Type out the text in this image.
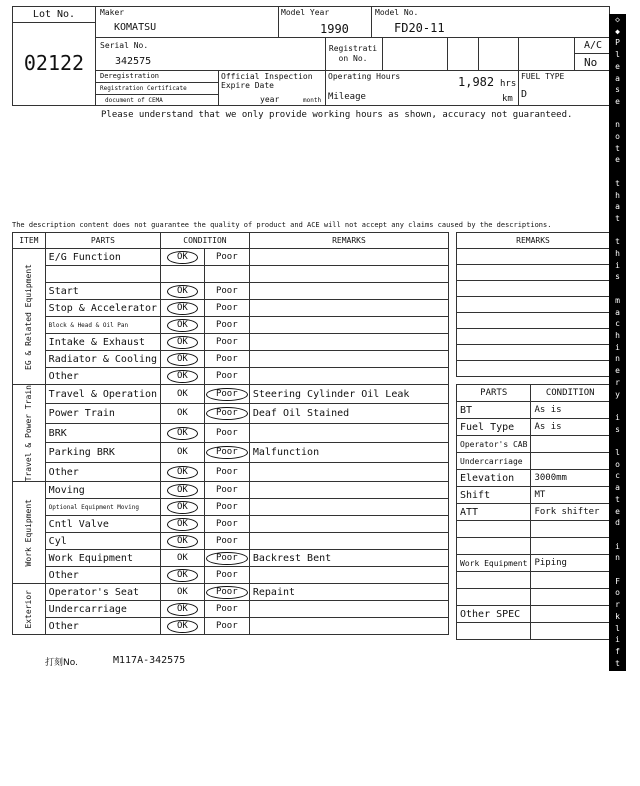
Lot No.
02122
Maker
KOMATSU
Model Year
1990
Model No.
FD20-11
Serial No.
342575
Registrati on No.
A/C
No
Deregistration
Registration Certificate
document of CEMA
Official Inspection Expire Date
year	month
Operating Hours	1,982 hrs
Mileage	km
FUEL TYPE
D
Please understand that we only provide working hours as shown, accuracy not guaranteed.
The description content does not guarantee the quality of product and ACE will not accept any claims caused by the descriptions.
ITEM	PARTS	CONDITION		REMARKS

EG & Related Equipment	E/G Function	OK	Poor	

	Start	OK	Poor	
	Stop & Accelerator	OK	Poor	
	Block & Head & Oil Pan	OK	Poor	
	Intake & Exhaust	OK	Poor	
	Radiator & Cooling	OK	Poor	
	Other	OK	Poor	

Travel & Power Train	Travel & Operation	OK	Poor	Steering Cylinder Oil Leak
	Power Train	OK	Poor	Deaf Oil Stained
	BRK	OK	Poor	
	Parking BRK	OK	Poor	Malfunction
	Other	OK	Poor	

Work Equipment	Moving	OK	Poor	
	Optional Equipment Moving	OK	Poor	
	Cntl Valve	OK	Poor	
	Cyl	OK	Poor	
	Work Equipment	OK	Poor	Backrest Bent
	Other	OK	Poor	

Exterior	Operator's Seat	OK	Poor	Repaint
	Undercarriage	OK	Poor	
	Other	OK	Poor	
REMARKS

PARTS	CONDITION
BT	As is
Fuel Type	As is
Operator's CAB	
Undercarriage	
Elevation	3000mm
Shift	MT
ATT	Fork shifter

Work Equipment	Piping

Other SPEC	

打刻No.	M117A-342575
◇
◆
P
l
e
a
s
e

n
o
t
e

t
h
a
t

t
h
i
s

m
a
c
h
i
n
e
r
y

i
s

l
o
c
a
t
e
d

i
n

F
o
r
k
l
i
f
t

P
a
r
k
i
n
g
◆
◇
